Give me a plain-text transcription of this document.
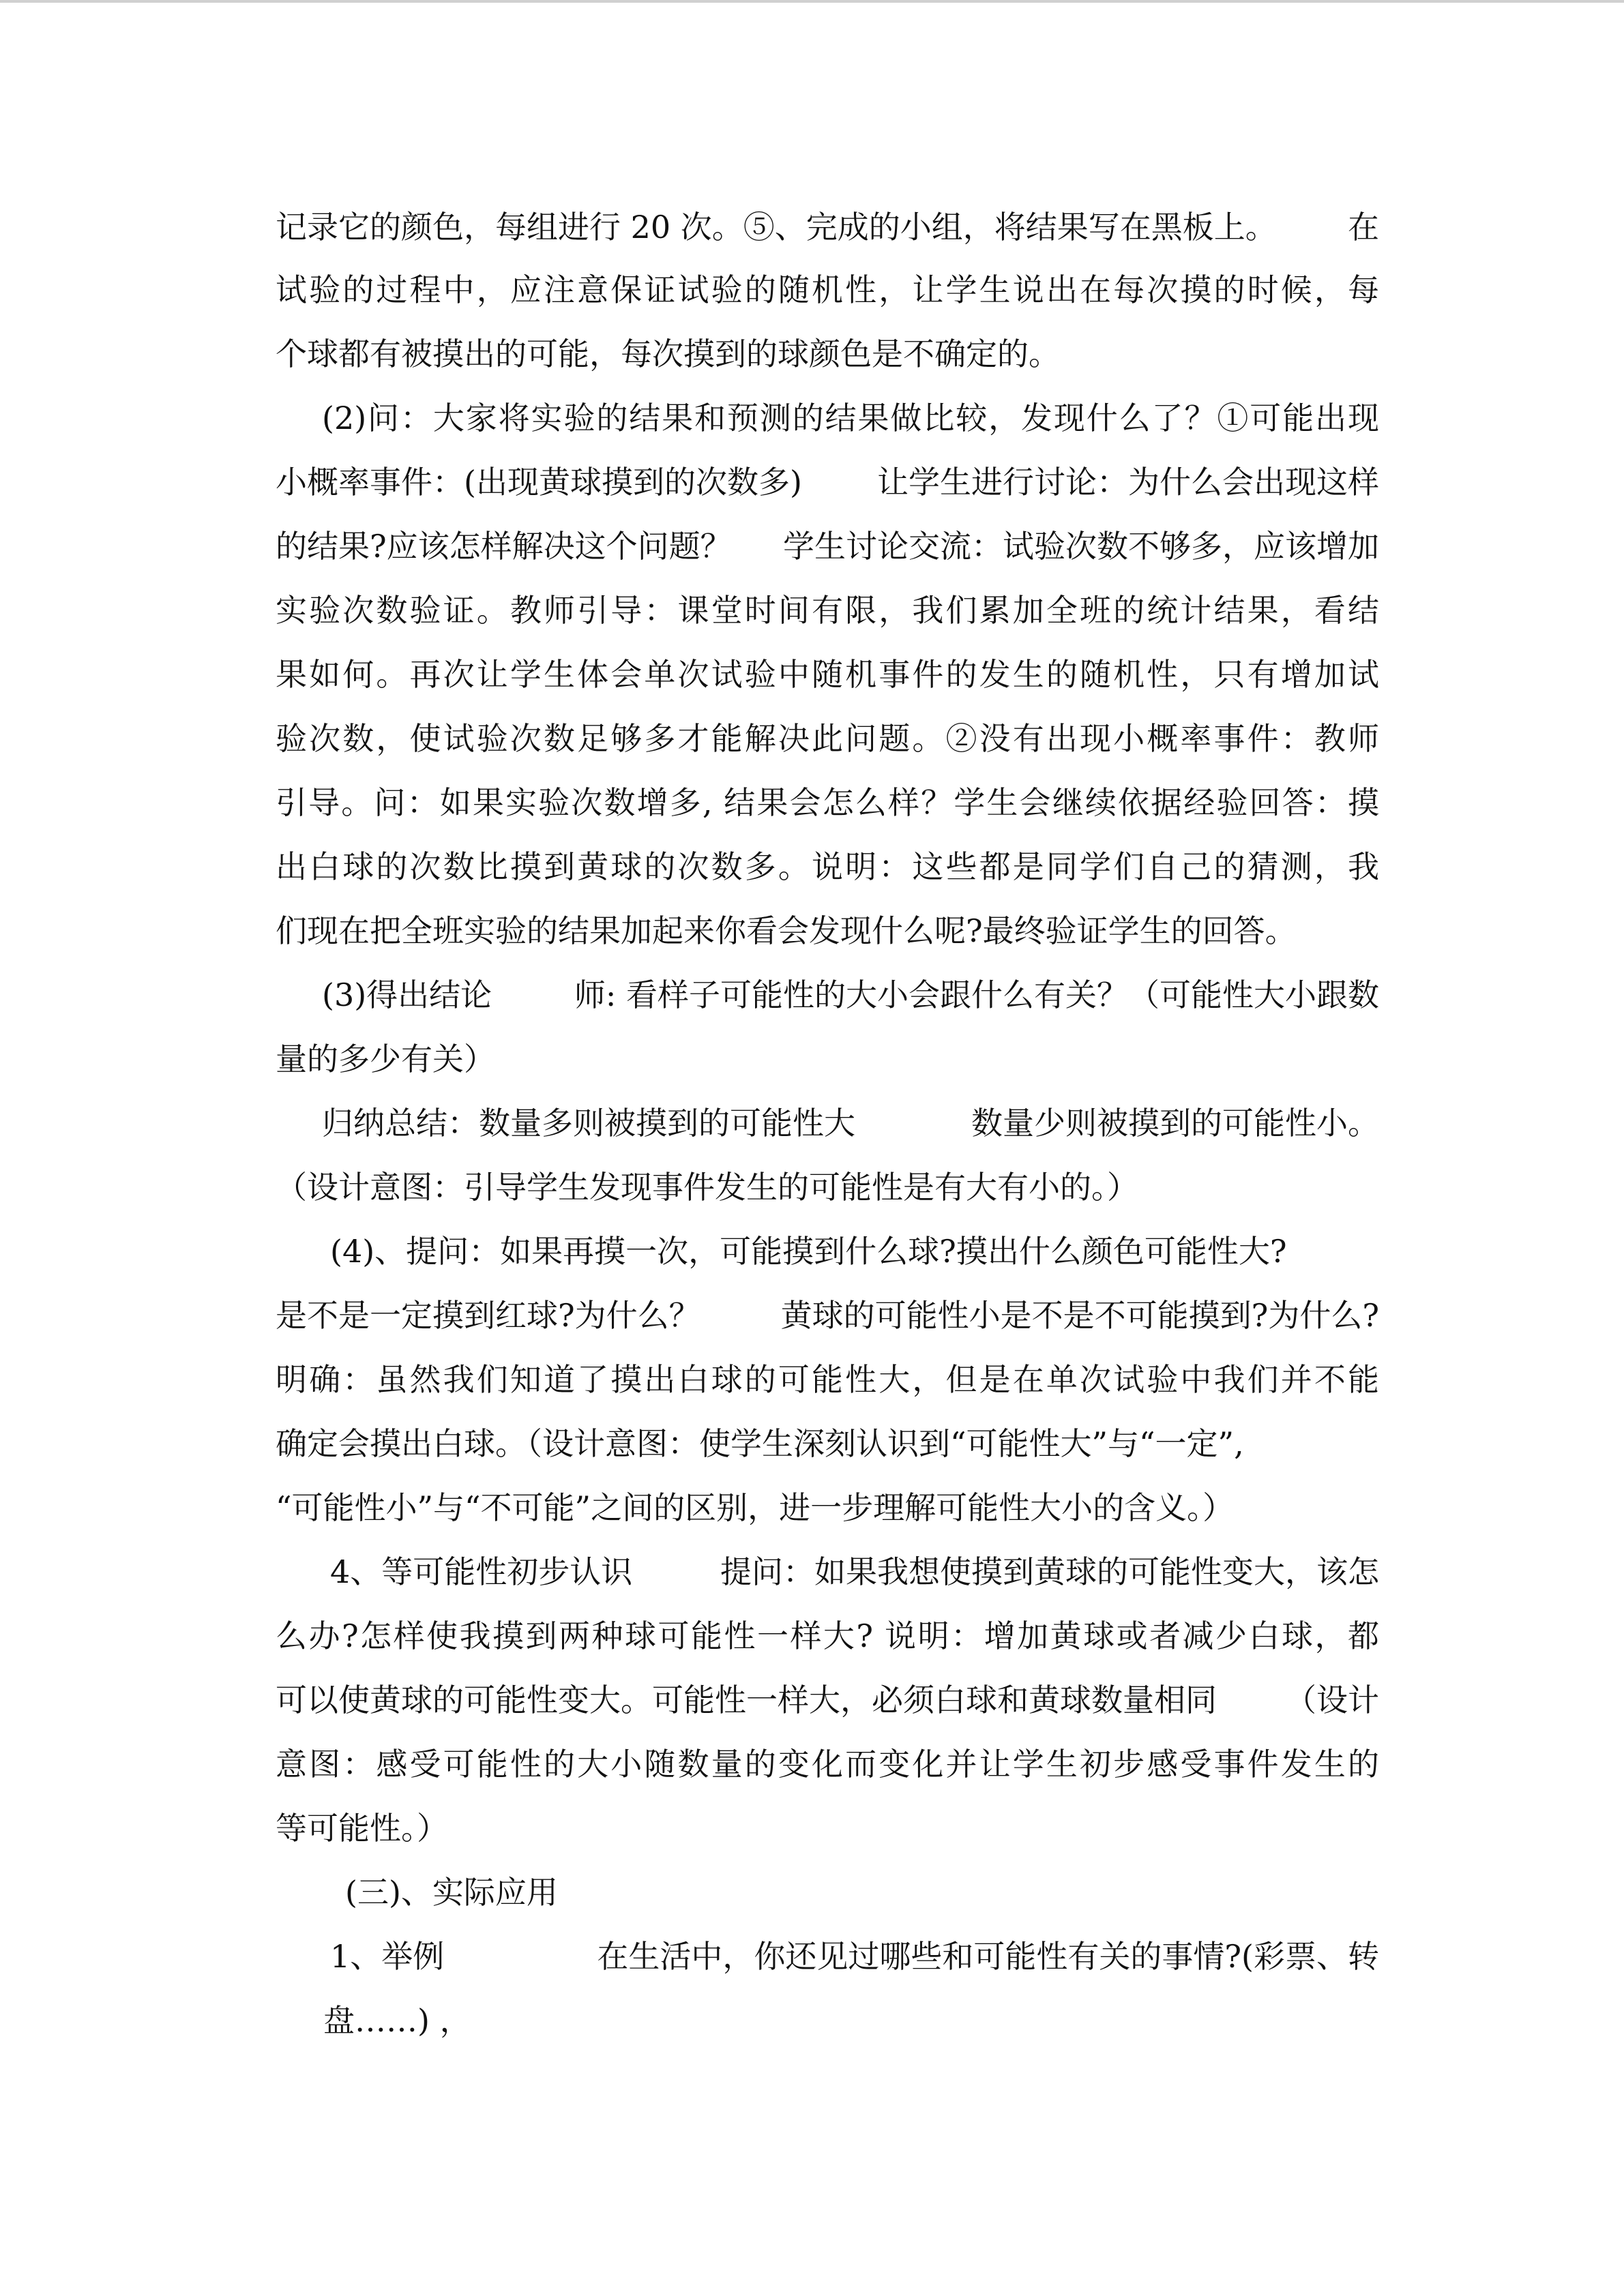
记录它的颜色，每组进行 20 次。⑤、完成的小组，将结果写在黑板上。 在
试验的过程中，应注意保证试验的随机性，让学生说出在每次摸的时候，每
个球都有被摸出的可能，每次摸到的球颜色是不确定的。
(2)问：大家将实验的结果和预测的结果做比较，发现什么了？①可能出现
小概率事件：(出现黄球摸到的次数多) 让学生进行讨论：为什么会出现这样
的结果?应该怎样解决这个问题？ 学生讨论交流：试验次数不够多，应该增加
实验次数验证。教师引导：课堂时间有限，我们累加全班的统计结果，看结
果如何。再次让学生体会单次试验中随机事件的发生的随机性，只有增加试
验次数，使试验次数足够多才能解决此问题。②没有出现小概率事件：教师
引导。问：如果实验次数增多, 结果会怎么样？学生会继续依据经验回答：摸
出白球的次数比摸到黄球的次数多。说明：这些都是同学们自己的猜测，我
们现在把全班实验的结果加起来你看会发现什么呢?最终验证学生的回答。
(3)得出结论	师: 看样子可能性的大小会跟什么有关？（可能性大小跟数
量的多少有关）
归纳总结：数量多则被摸到的可能性大	数量少则被摸到的可能性小。
（设计意图：引导学生发现事件发生的可能性是有大有小的。）
(4)、提问：如果再摸一次，可能摸到什么球?摸出什么颜色可能性大?
是不是一定摸到红球?为什么？	黄球的可能性小是不是不可能摸到?为什么?
明确：虽然我们知道了摸出白球的可能性大，但是在单次试验中我们并不能
确定会摸出白球。（设计意图：使学生深刻认识到“可能性大”与“一定”,
“可能性小”与“不可能”之间的区别，进一步理解可能性大小的含义。）
4、等可能性初步认识	提问：如果我想使摸到黄球的可能性变大，该怎
么办?怎样使我摸到两种球可能性一样大? 说明：增加黄球或者减少白球，都
可以使黄球的可能性变大。可能性一样大，必须白球和黄球数量相同 （设计
意图：感受可能性的大小随数量的变化而变化并让学生初步感受事件发生的
等可能性。）
(三)、实际应用
1、举例	在生活中，你还见过哪些和可能性有关的事情?(彩票、转
盘……) ，
